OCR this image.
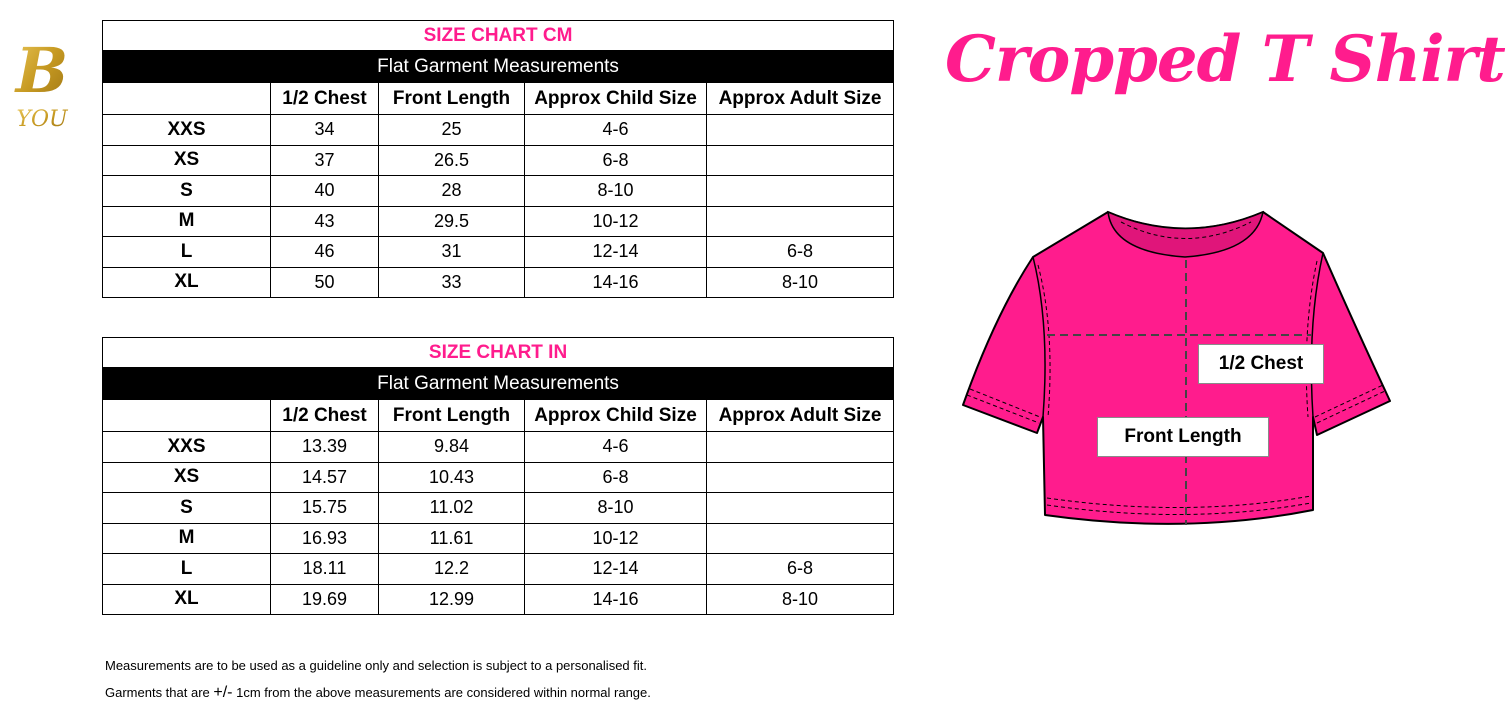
B
YOU
SIZE CHART CM				
Flat Garment Measurements				
	1/2 Chest	Front Length	Approx Child Size	Approx Adult Size
XXS	34	25	4-6	
XS	37	26.5	6-8	
S	40	28	8-10	
M	43	29.5	10-12	
L	46	31	12-14	6-8
XL	50	33	14-16	8-10
SIZE CHART IN				
Flat Garment Measurements				
	1/2 Chest	Front Length	Approx Child Size	Approx Adult Size
XXS	13.39	9.84	4-6	
XS	14.57	10.43	6-8	
S	15.75	11.02	8-10	
M	16.93	11.61	10-12	
L	18.11	12.2	12-14	6-8
XL	19.69	12.99	14-16	8-10
Measurements are to be used as a guideline only and selection is subject to a personalised fit.
Garments that are +/- 1cm from the above measurements are considered within normal range.
Cropped T Shirt
1/2 Chest
Front Length
